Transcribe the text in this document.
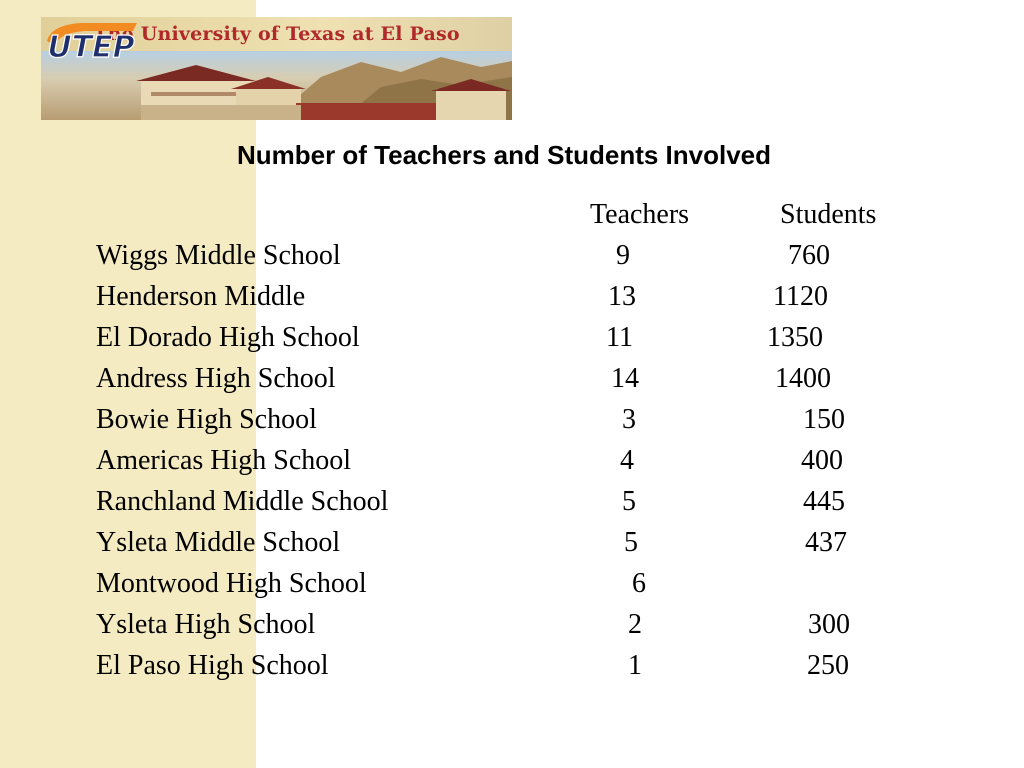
The University of Texas at El Paso
UTEP
Number of Teachers and Students Involved
Teachers	Students
Wiggs Middle School	9	760
Henderson Middle	13	1120
El Dorado High School	11	1350
Andress High School	14	1400
Bowie High School	3	150
Americas High School	4	400
Ranchland Middle School	5	445
Ysleta Middle School	5	437
Montwood High School	6
Ysleta High School	2	300
El Paso High School	1	250
